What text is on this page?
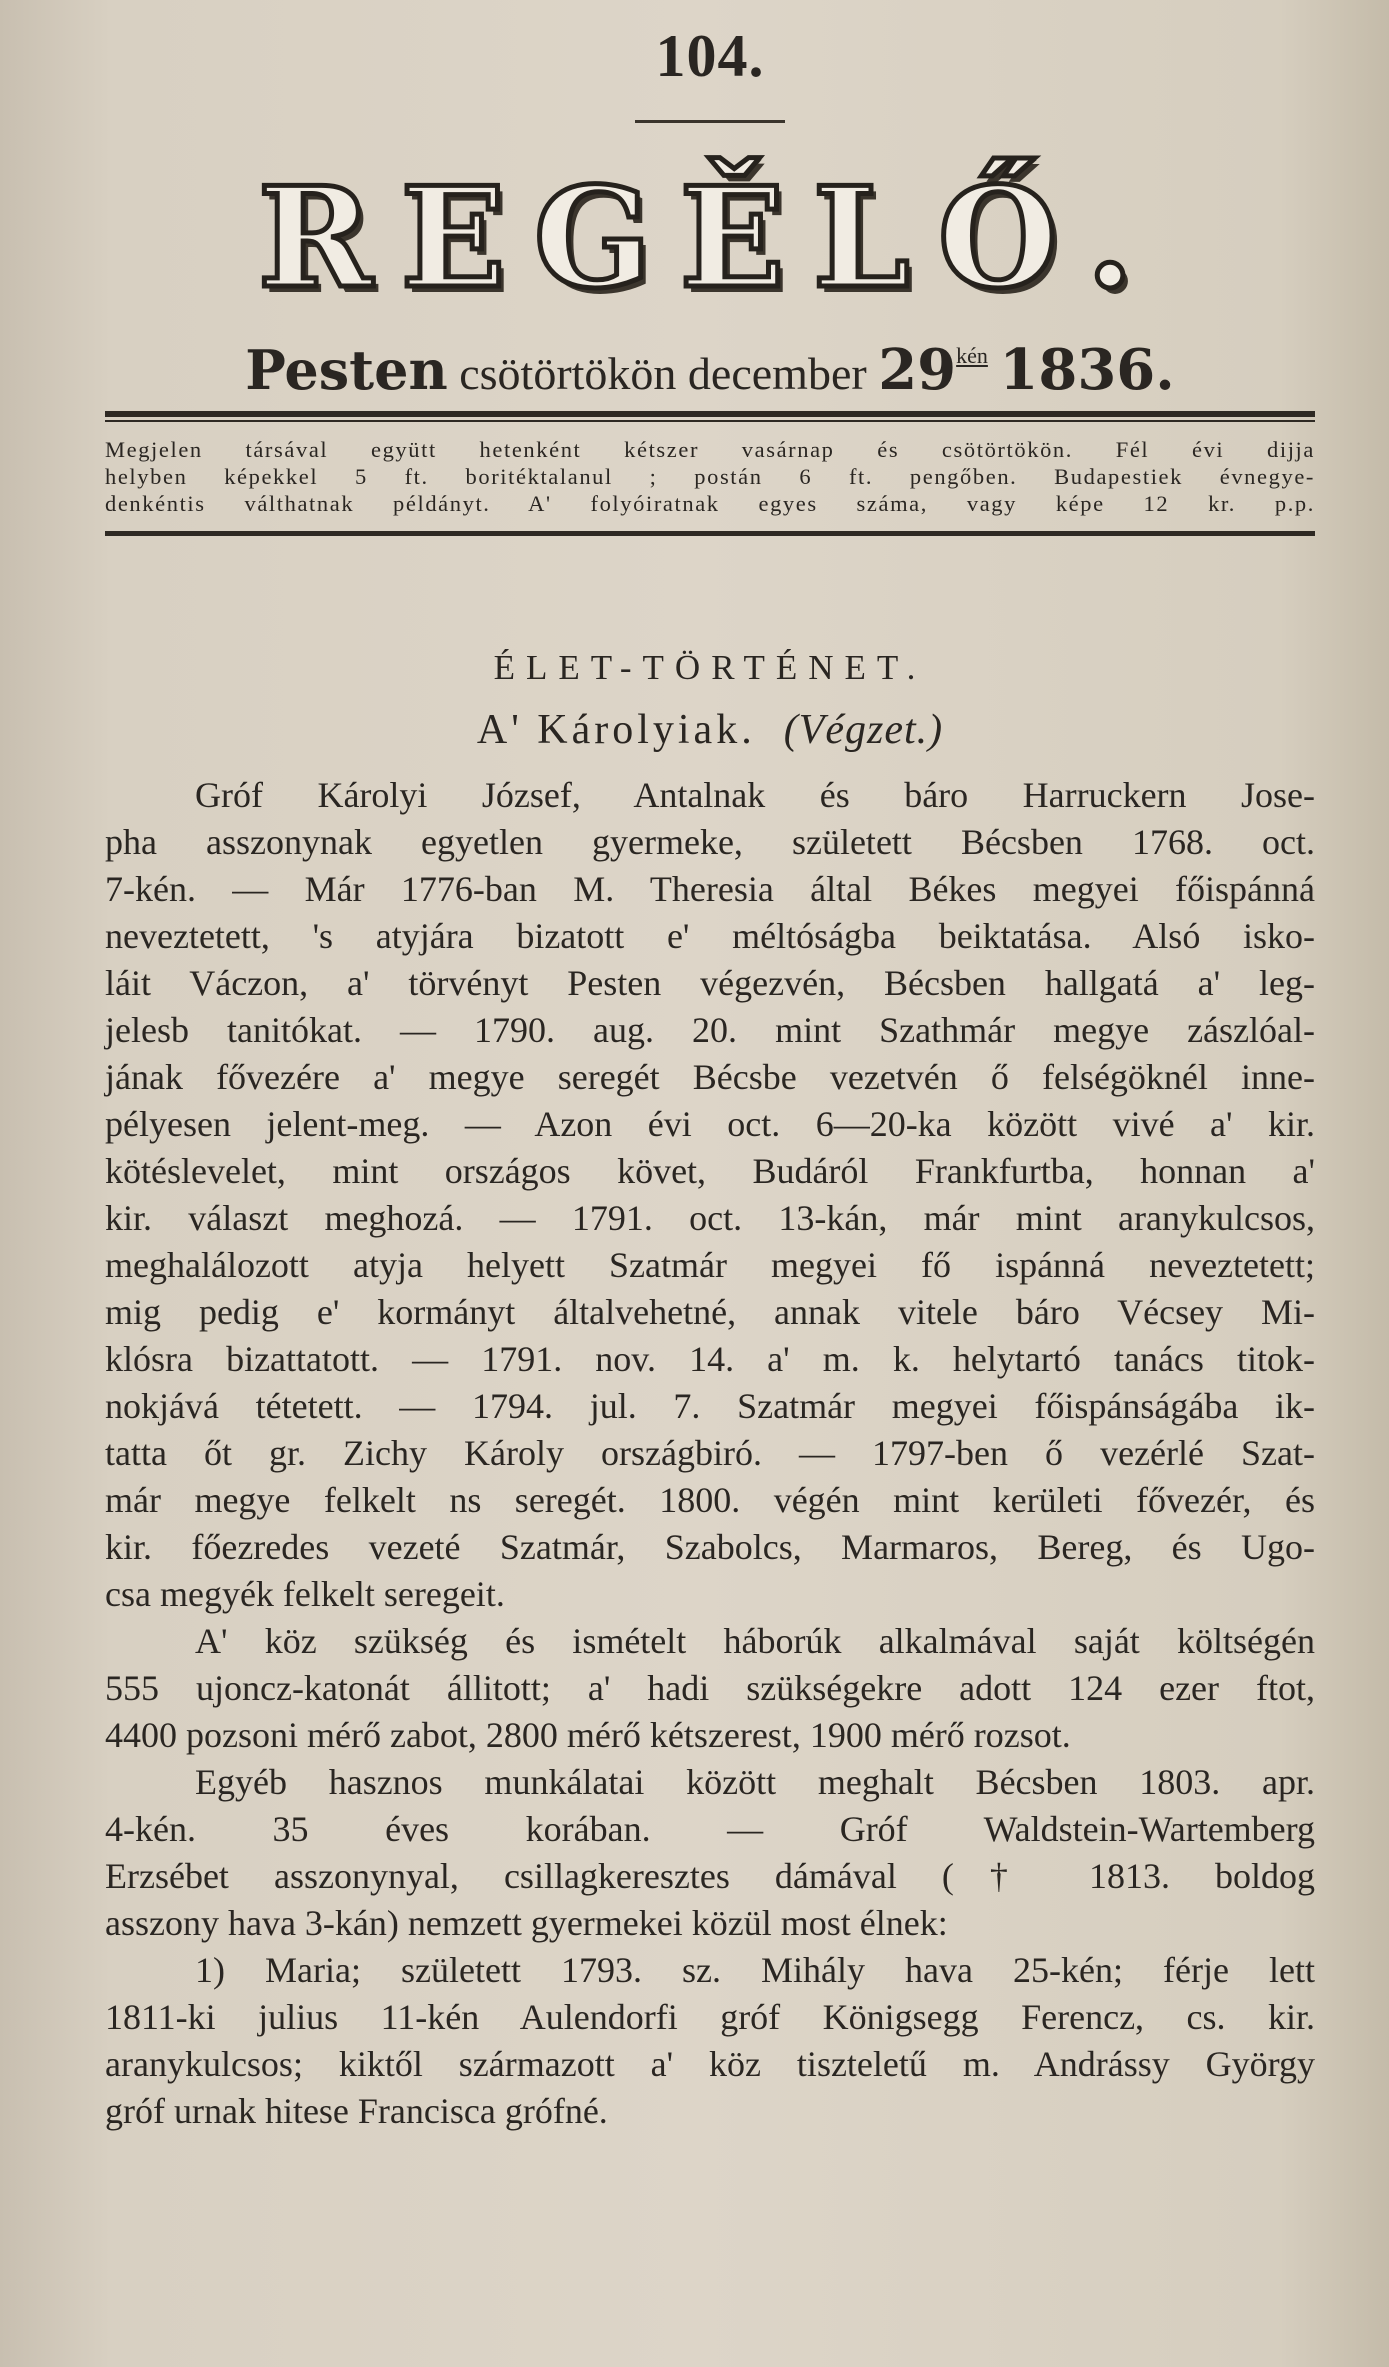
104.
REGĚLŐ.
Pesten csötörtökön december $29^{kén}$ 1836.
Megjelen társával együtt hetenként kétszer vasárnap és csötörtökön. Fél évi dijja
helyben képekkel 5 ft. boritéktalanul ; postán 6 ft. pengőben. Budapestiek évnegye-
denkéntis válthatnak példányt. A' folyóiratnak egyes száma, vagy képe 12 kr. p.p.
ÉLET-TÖRTÉNET.
A' Károlyiak. (Végzet.)
Gróf Károlyi József, Antalnak és báro Harruckern Jose-
pha asszonynak egyetlen gyermeke, született Bécsben 1768. oct.
7-kén. — Már 1776-ban M. Theresia által Békes megyei főispánná
neveztetett, 's atyjára bizatott e' méltóságba beiktatása. Alsó isko-
láit Váczon, a' törvényt Pesten végezvén, Bécsben hallgatá a' leg-
jelesb tanitókat. — 1790. aug. 20. mint Szathmár megye zászlóal-
jának fővezére a' megye seregét Bécsbe vezetvén ő felségöknél inne-
pélyesen jelent-meg. — Azon évi oct. 6—20-ka között vivé a' kir.
kötéslevelet, mint országos követ, Budáról Frankfurtba, honnan a'
kir. választ meghozá. — 1791. oct. 13-kán, már mint aranykulcsos,
meghalálozott atyja helyett Szatmár megyei fő ispánná neveztetett;
mig pedig e' kormányt általvehetné, annak vitele báro Vécsey Mi-
klósra bizattatott. — 1791. nov. 14. a' m. k. helytartó tanács titok-
nokjává tétetett. — 1794. jul. 7. Szatmár megyei főispánságába ik-
tatta őt gr. Zichy Károly országbiró. — 1797-ben ő vezérlé Szat-
már megye felkelt ns seregét. 1800. végén mint kerületi fővezér, és
kir. főezredes vezeté Szatmár, Szabolcs, Marmaros, Bereg, és Ugo-
csa megyék felkelt seregeit.
A' köz szükség és ismételt háborúk alkalmával saját költségén
555 ujoncz-katonát állitott; a' hadi szükségekre adott 124 ezer ftot,
4400 pozsoni mérő zabot, 2800 mérő kétszerest, 1900 mérő rozsot.
Egyéb hasznos munkálatai között meghalt Bécsben 1803. apr.
4-kén. 35 éves korában. — Gróf Waldstein-Wartemberg
Erzsébet asszonynyal, csillagkeresztes dámával († 1813. boldog
asszony hava 3-kán) nemzett gyermekei közül most élnek:
1) Maria; született 1793. sz. Mihály hava 25-kén; férje lett
1811-ki julius 11-kén Aulendorfi gróf Königsegg Ferencz, cs. kir.
aranykulcsos; kiktől származott a' köz tiszteletű m. Andrássy György
gróf urnak hitese Francisca grófné.
